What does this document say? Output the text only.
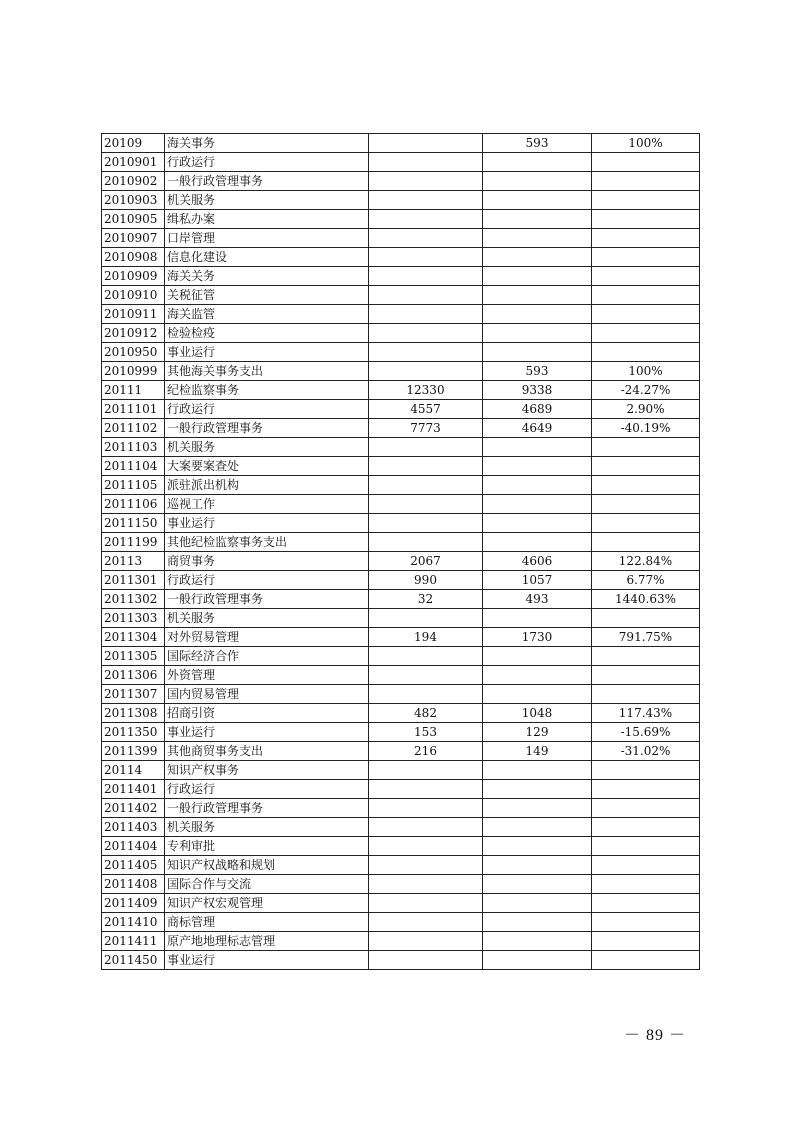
20109	海关事务		593	100%
2010901	行政运行			
2010902	一般行政管理事务			
2010903	机关服务			
2010905	缉私办案			
2010907	口岸管理			
2010908	信息化建设			
2010909	海关关务			
2010910	关税征管			
2010911	海关监管			
2010912	检验检疫			
2010950	事业运行			
2010999	其他海关事务支出		593	100%
20111	纪检监察事务	12330	9338	-24.27%
2011101	行政运行	4557	4689	2.90%
2011102	一般行政管理事务	7773	4649	-40.19%
2011103	机关服务			
2011104	大案要案查处			
2011105	派驻派出机构			
2011106	巡视工作			
2011150	事业运行			
2011199	其他纪检监察事务支出			
20113	商贸事务	2067	4606	122.84%
2011301	行政运行	990	1057	6.77%
2011302	一般行政管理事务	32	493	1440.63%
2011303	机关服务			
2011304	对外贸易管理	194	1730	791.75%
2011305	国际经济合作			
2011306	外资管理			
2011307	国内贸易管理			
2011308	招商引资	482	1048	117.43%
2011350	事业运行	153	129	-15.69%
2011399	其他商贸事务支出	216	149	-31.02%
20114	知识产权事务			
2011401	行政运行			
2011402	一般行政管理事务			
2011403	机关服务			
2011404	专利审批			
2011405	知识产权战略和规划			
2011408	国际合作与交流			
2011409	知识产权宏观管理			
2011410	商标管理			
2011411	原产地地理标志管理			
2011450	事业运行			
－ 89 －
